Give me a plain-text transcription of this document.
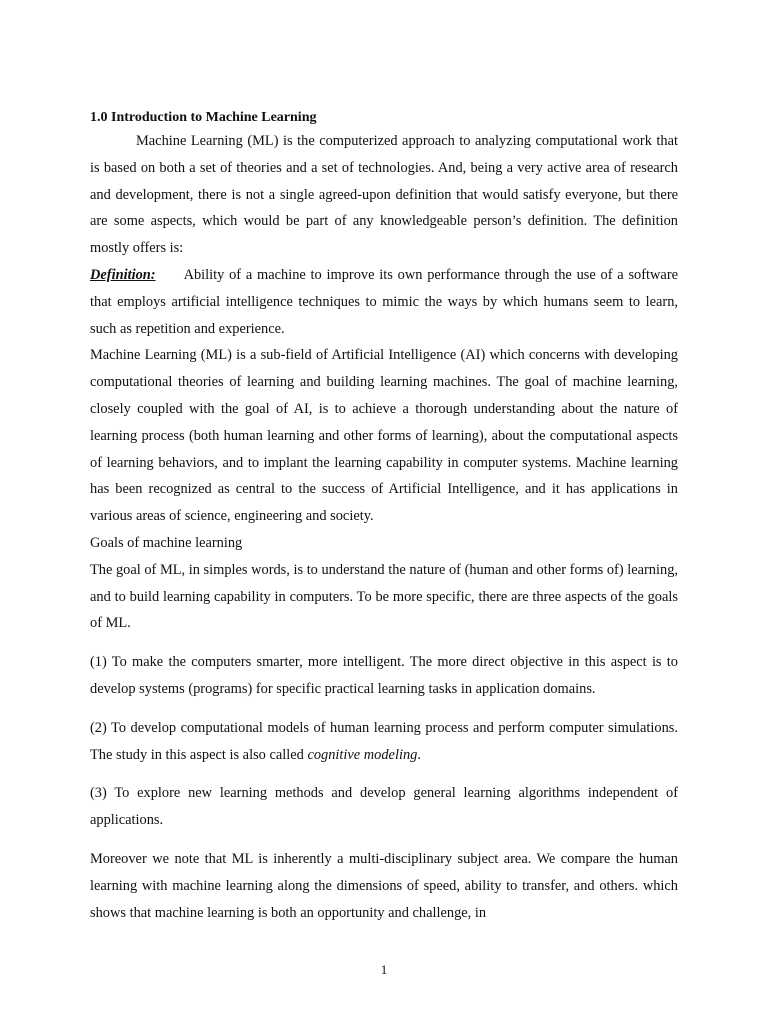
1.0 Introduction to Machine Learning

Machine Learning (ML) is the computerized approach to analyzing computational work that is based on both a set of theories and a set of technologies. And, being a very active area of research and development, there is not a single agreed-upon definition that would satisfy everyone, but there are some aspects, which would be part of any knowledgeable person’s definition. The definition mostly offers is:

Definition: Ability of a machine to improve its own performance through the use of a software that employs artificial intelligence techniques to mimic the ways by which humans seem to learn, such as repetition and experience.

Machine Learning (ML) is a sub-field of Artificial Intelligence (AI) which concerns with developing computational theories of learning and building learning machines. The goal of machine learning, closely coupled with the goal of AI, is to achieve a thorough understanding about the nature of learning process (both human learning and other forms of learning), about the computational aspects of learning behaviors, and to implant the learning capability in computer systems. Machine learning has been recognized as central to the success of Artificial Intelligence, and it has applications in various areas of science, engineering and society.

Goals of machine learning

The goal of ML, in simples words, is to understand the nature of (human and other forms of) learning, and to build learning capability in computers. To be more specific, there are three aspects of the goals of ML.

(1) To make the computers smarter, more intelligent. The more direct objective in this aspect is to develop systems (programs) for specific practical learning tasks in application domains.

(2) To develop computational models of human learning process and perform computer simulations. The study in this aspect is also called cognitive modeling.

(3) To explore new learning methods and develop general learning algorithms independent of applications.

Moreover we note that ML is inherently a multi-disciplinary subject area. We compare the human learning with machine learning along the dimensions of speed, ability to transfer, and others. which shows that machine learning is both an opportunity and challenge, in

1
